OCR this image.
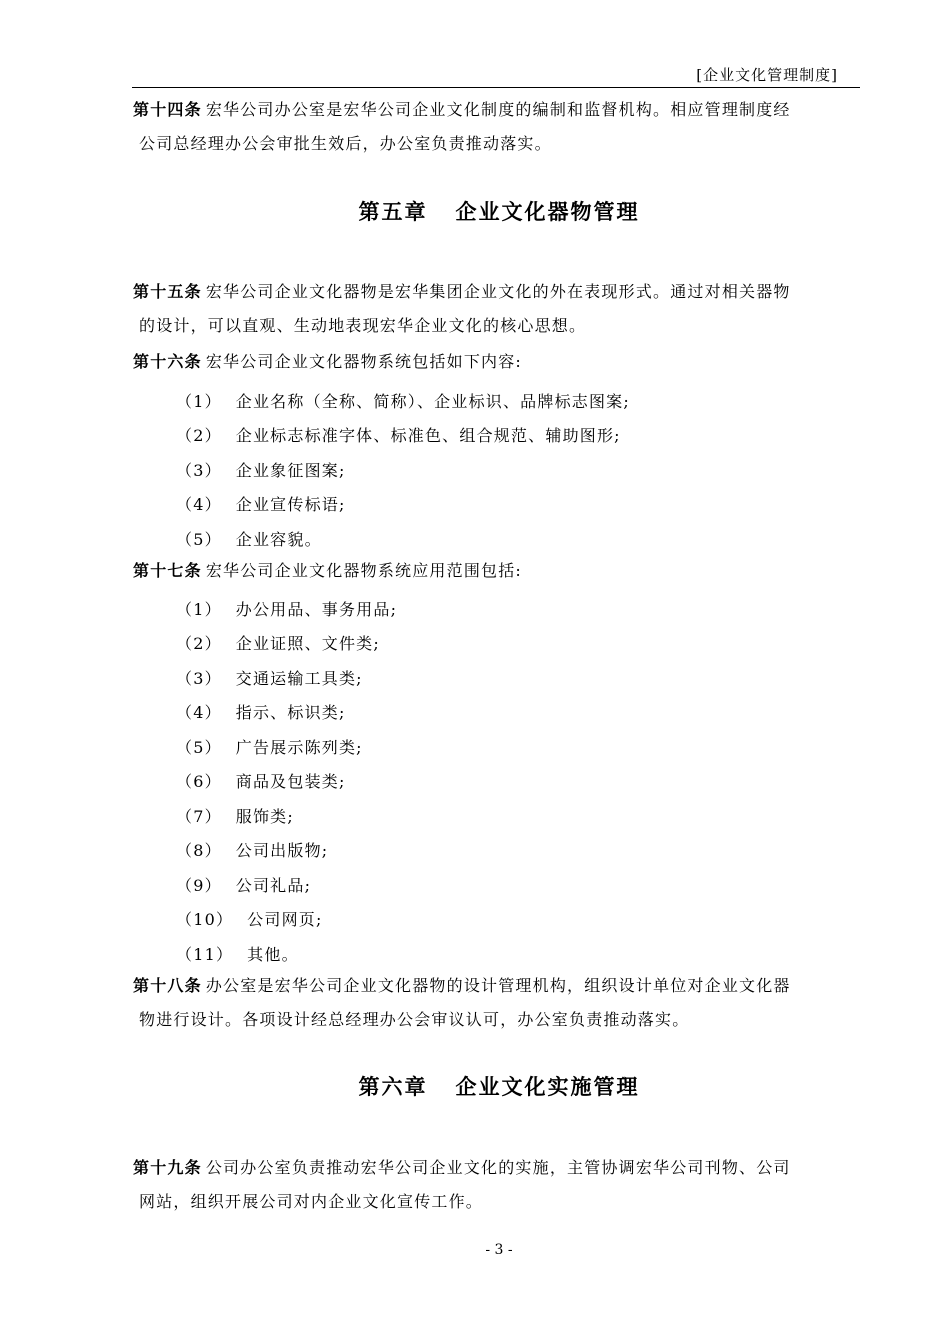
[企业文化管理制度]
第十四条 宏华公司办公室是宏华公司企业文化制度的编制和监督机构。相应管理制度经
公司总经理办公会审批生效后，办公室负责推动落实。
第五章 企业文化器物管理
第十五条 宏华公司企业文化器物是宏华集团企业文化的外在表现形式。通过对相关器物
的设计，可以直观、生动地表现宏华企业文化的核心思想。
第十六条 宏华公司企业文化器物系统包括如下内容:
（1） 企业名称（全称、简称）、企业标识、品牌标志图案;
（2） 企业标志标准字体、标准色、组合规范、辅助图形;
（3） 企业象征图案;
（4） 企业宣传标语;
（5） 企业容貌。
第十七条 宏华公司企业文化器物系统应用范围包括:
（1） 办公用品、事务用品;
（2） 企业证照、文件类;
（3） 交通运输工具类;
（4） 指示、标识类;
（5） 广告展示陈列类;
（6） 商品及包装类;
（7） 服饰类;
（8） 公司出版物;
（9） 公司礼品;
（10） 公司网页;
（11） 其他。
第十八条 办公室是宏华公司企业文化器物的设计管理机构，组织设计单位对企业文化器
物进行设计。各项设计经总经理办公会审议认可，办公室负责推动落实。
第六章 企业文化实施管理
第十九条 公司办公室负责推动宏华公司企业文化的实施，主管协调宏华公司刊物、公司
网站，组织开展公司对内企业文化宣传工作。
- 3 -
